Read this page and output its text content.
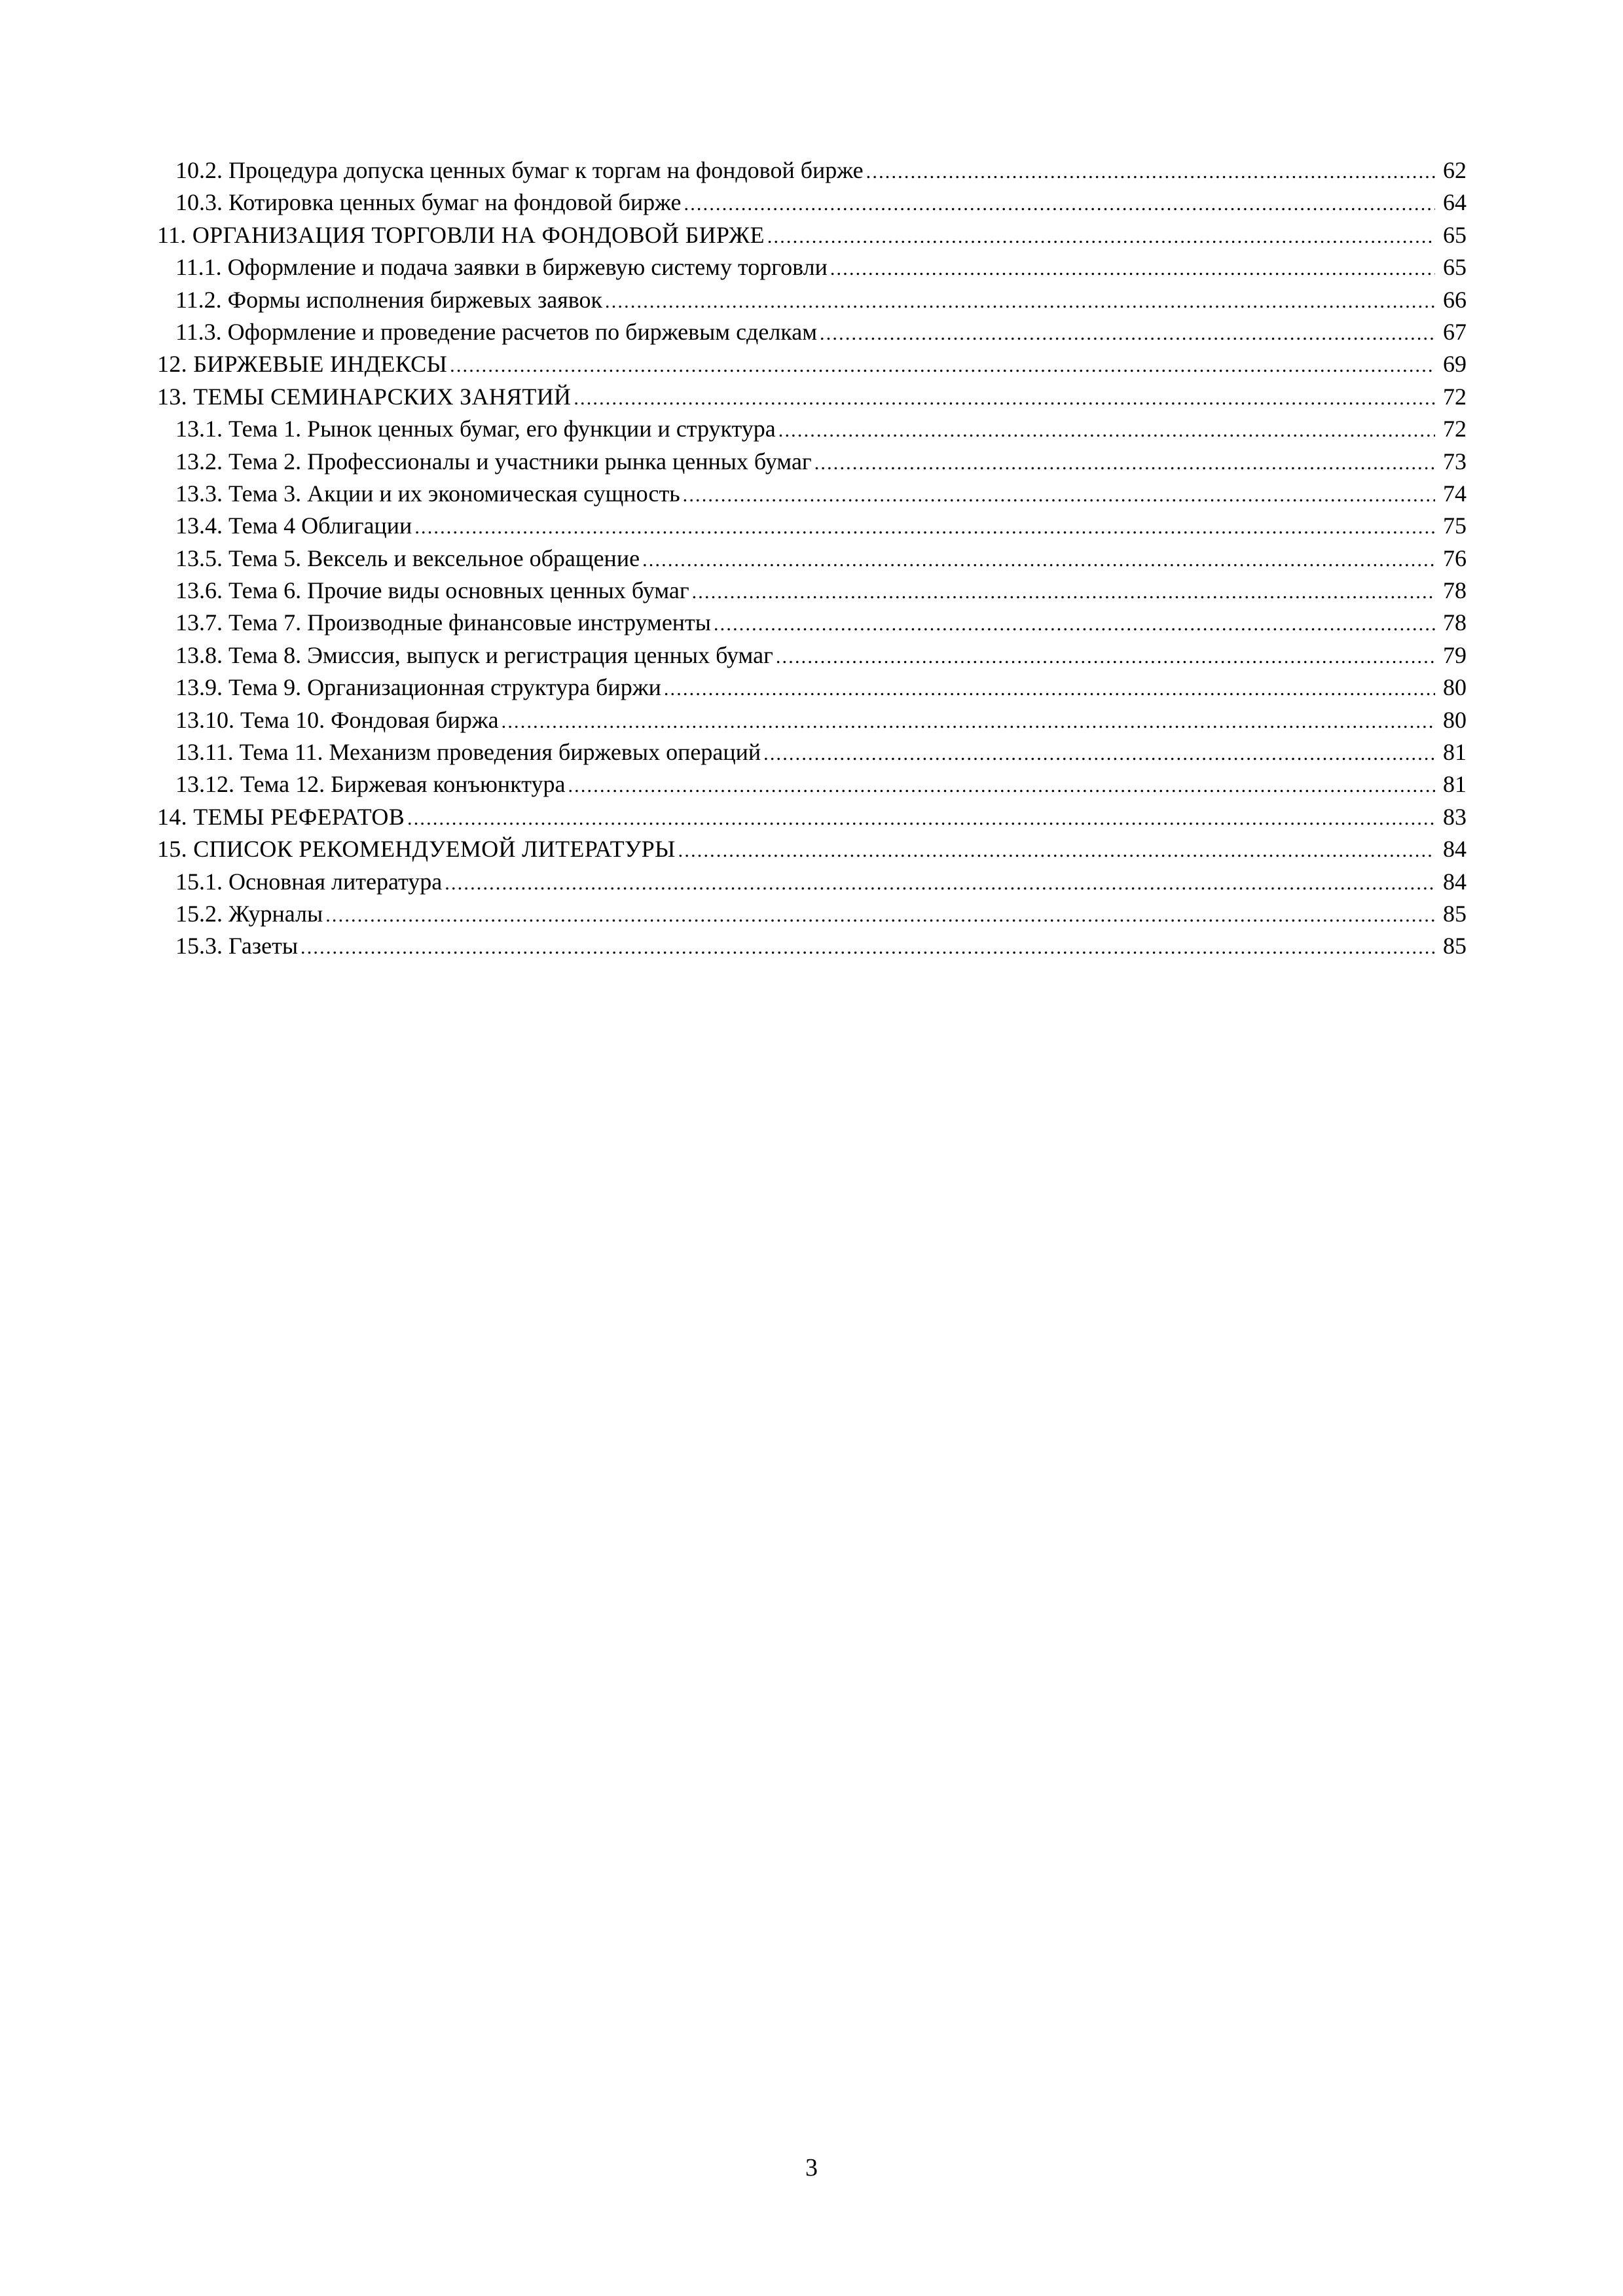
10.2. Процедура допуска ценных бумаг к торгам на фондовой бирже .....	62
10.3. Котировка ценных бумаг на фондовой бирже .....	64
11. ОРГАНИЗАЦИЯ ТОРГОВЛИ НА ФОНДОВОЙ БИРЖЕ .....	65
11.1. Оформление и подача заявки в биржевую систему торговли .....	65
11.2. Формы исполнения биржевых заявок .....	66
11.3. Оформление и проведение расчетов по биржевым сделкам .....	67
12. БИРЖЕВЫЕ ИНДЕКСЫ .....	69
13. ТЕМЫ СЕМИНАРСКИХ ЗАНЯТИЙ .....	72
13.1. Тема 1. Рынок ценных бумаг, его функции и структура .....	72
13.2. Тема 2. Профессионалы и участники рынка ценных бумаг .....	73
13.3. Тема 3. Акции и их экономическая сущность .....	74
13.4. Тема 4 Облигации .....	75
13.5. Тема 5. Вексель и вексельное обращение .....	76
13.6. Тема 6. Прочие виды основных ценных бумаг .....	78
13.7. Тема 7. Производные финансовые инструменты .....	78
13.8. Тема 8. Эмиссия, выпуск и регистрация ценных бумаг .....	79
13.9. Тема 9. Организационная структура биржи .....	80
13.10. Тема 10. Фондовая биржа .....	80
13.11. Тема 11. Механизм проведения биржевых операций .....	81
13.12. Тема 12. Биржевая конъюнктура .....	81
14. ТЕМЫ РЕФЕРАТОВ .....	83
15. СПИСОК РЕКОМЕНДУЕМОЙ ЛИТЕРАТУРЫ .....	84
15.1. Основная литература .....	84
15.2. Журналы .....	85
15.3. Газеты .....	85
3
